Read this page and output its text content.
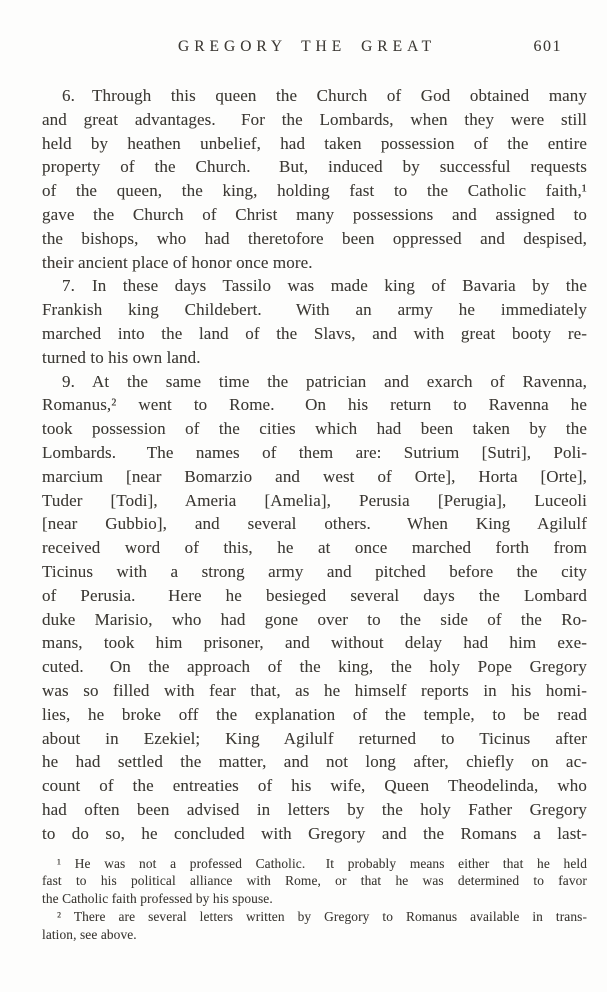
GREGORY THE GREAT	601
6. Through this queen the Church of God obtained many
and great advantages.  For the Lombards, when they were still
held by heathen unbelief, had taken possession of the entire
property of the Church.  But, induced by successful requests
of the queen, the king, holding fast to the Catholic faith,¹
gave the Church of Christ many possessions and assigned to
the bishops, who had theretofore been oppressed and despised,
their ancient place of honor once more.
7. In these days Tassilo was made king of Bavaria by the
Frankish king Childebert.  With an army he immediately
marched into the land of the Slavs, and with great booty re-
turned to his own land.
9. At the same time the patrician and exarch of Ravenna,
Romanus,² went to Rome.  On his return to Ravenna he
took possession of the cities which had been taken by the
Lombards.  The names of them are: Sutrium [Sutri], Poli-
marcium [near Bomarzio and west of Orte], Horta [Orte],
Tuder [Todi], Ameria [Amelia], Perusia [Perugia], Luceoli
[near Gubbio], and several others.  When King Agilulf
received word of this, he at once marched forth from
Ticinus with a strong army and pitched before the city
of Perusia.  Here he besieged several days the Lombard
duke Marisio, who had gone over to the side of the Ro-
mans, took him prisoner, and without delay had him exe-
cuted.  On the approach of the king, the holy Pope Gregory
was so filled with fear that, as he himself reports in his homi-
lies, he broke off the explanation of the temple, to be read
about in Ezekiel; King Agilulf returned to Ticinus after
he had settled the matter, and not long after, chiefly on ac-
count of the entreaties of his wife, Queen Theodelinda, who
had often been advised in letters by the holy Father Gregory
to do so, he concluded with Gregory and the Romans a last-
¹ He was not a professed Catholic.  It probably means either that he held
fast to his political alliance with Rome, or that he was determined to favor
the Catholic faith professed by his spouse.
² There are several letters written by Gregory to Romanus available in trans-
lation, see above.
